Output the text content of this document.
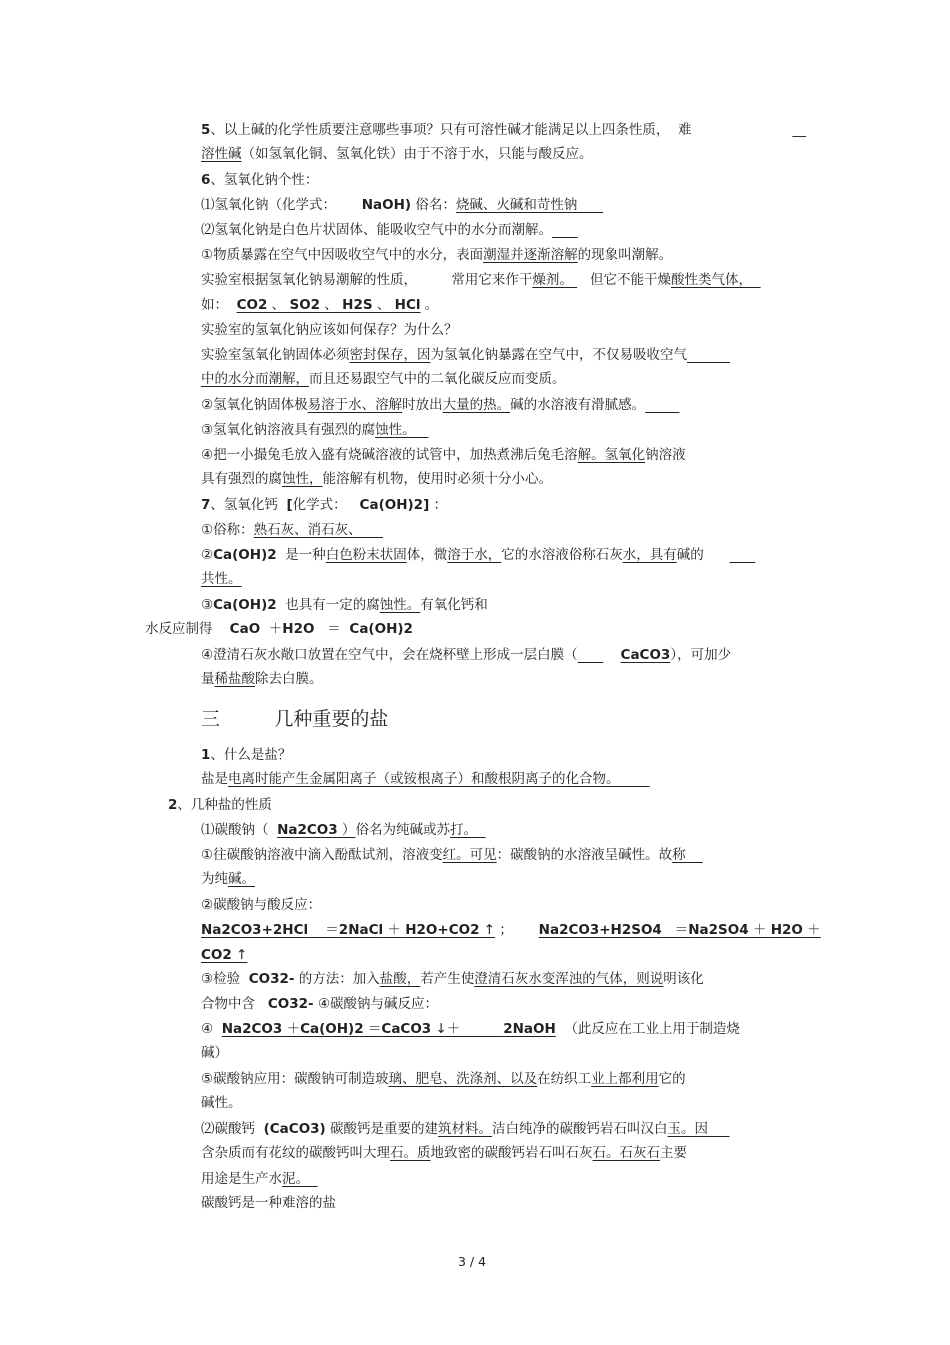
5、以上碱的化学性质要注意哪些事项？只有可溶性碱才能满足以上四条性质，  难	__
溶性碱（如氢氧化铜、氢氧化铁）由于不溶于水，只能与酸反应。
6、氢氧化钠个性：
⑴氢氧化钠（化学式：      NaOH) 俗名：烧碱、火碱和苛性钠
⑵氢氧化钠是白色片状固体、能吸收空气中的水分而潮解。
①物质暴露在空气中因吸收空气中的水分，表面潮湿并逐渐溶解的现象叫潮解。
实验室根据氢氧化钠易潮解的性质，        常用它来作干燥剂。    但它不能干燥酸性类气体，
如：  CO2 、 SO2 、 H2S 、 HCl 。
实验室的氢氧化钠应该如何保存？为什么？
实验室氢氧化钠固体必须密封保存，因为氢氧化钠暴露在空气中，不仅易吸收空气
中的水分而潮解，而且还易跟空气中的二氧化碳反应而变质。
②氢氧化钠固体极易溶于水、溶解时放出大量的热。碱的水溶液有滑腻感。
③氢氧化钠溶液具有强烈的腐蚀性。
④把一小撮兔毛放入盛有烧碱溶液的试管中，加热煮沸后兔毛溶解。氢氧化钠溶液
具有强烈的腐蚀性，能溶解有机物，使用时必须十分小心。
7、氢氧化钙  [化学式：   Ca(OH)2] ：
①俗称：熟石灰、消石灰、
②Ca(OH)2  是一种白色粉末状固体，微溶于水，它的水溶液俗称石灰水，具有碱的
共性。
③Ca(OH)2  也具有一定的腐蚀性。有氧化钙和
水反应制得    CaO  ＋H2O   ＝  Ca(OH)2
④澄清石灰水敞口放置在空气中，会在烧杯壁上形成一层白膜（	CaCO3），可加少
量稀盐酸除去白膜。
三         几种重要的盐
1、什么是盐？
盐是电离时能产生金属阳离子（或铵根离子）和酸根阴离子的化合物。
2、几种盐的性质
⑴碳酸钠（  Na2CO3 ）俗名为纯碱或苏打。
①往碳酸钠溶液中滴入酚酞试剂，溶液变红。可见：碳酸钠的水溶液呈碱性。故称
为纯碱。
②碳酸钠与酸反应：
Na2CO3+2HCl    ＝2NaCl ＋ H2O+CO2 ↑ ；      Na2CO3+H2SO4   ＝Na2SO4 ＋ H2O ＋
CO2 ↑
③检验  CO32- 的方法：加入盐酸，若产生使澄清石灰水变浑浊的气体，则说明该化
合物中含   CO32- ④碳酸钠与碱反应：
④  Na2CO3 ＋Ca(OH)2 ＝CaCO3 ↓＋          2NaOH  （此反应在工业上用于制造烧
碱）
⑤碳酸钠应用：碳酸钠可制造玻璃、肥皂、洗涤剂、以及在纺织工业上都利用它的
碱性。
⑵碳酸钙  (CaCO3) 碳酸钙是重要的建筑材料。洁白纯净的碳酸钙岩石叫汉白玉。因
含杂质而有花纹的碳酸钙叫大理石。质地致密的碳酸钙岩石叫石灰石。石灰石主要
用途是生产水泥。
碳酸钙是一种难溶的盐
3 / 4
